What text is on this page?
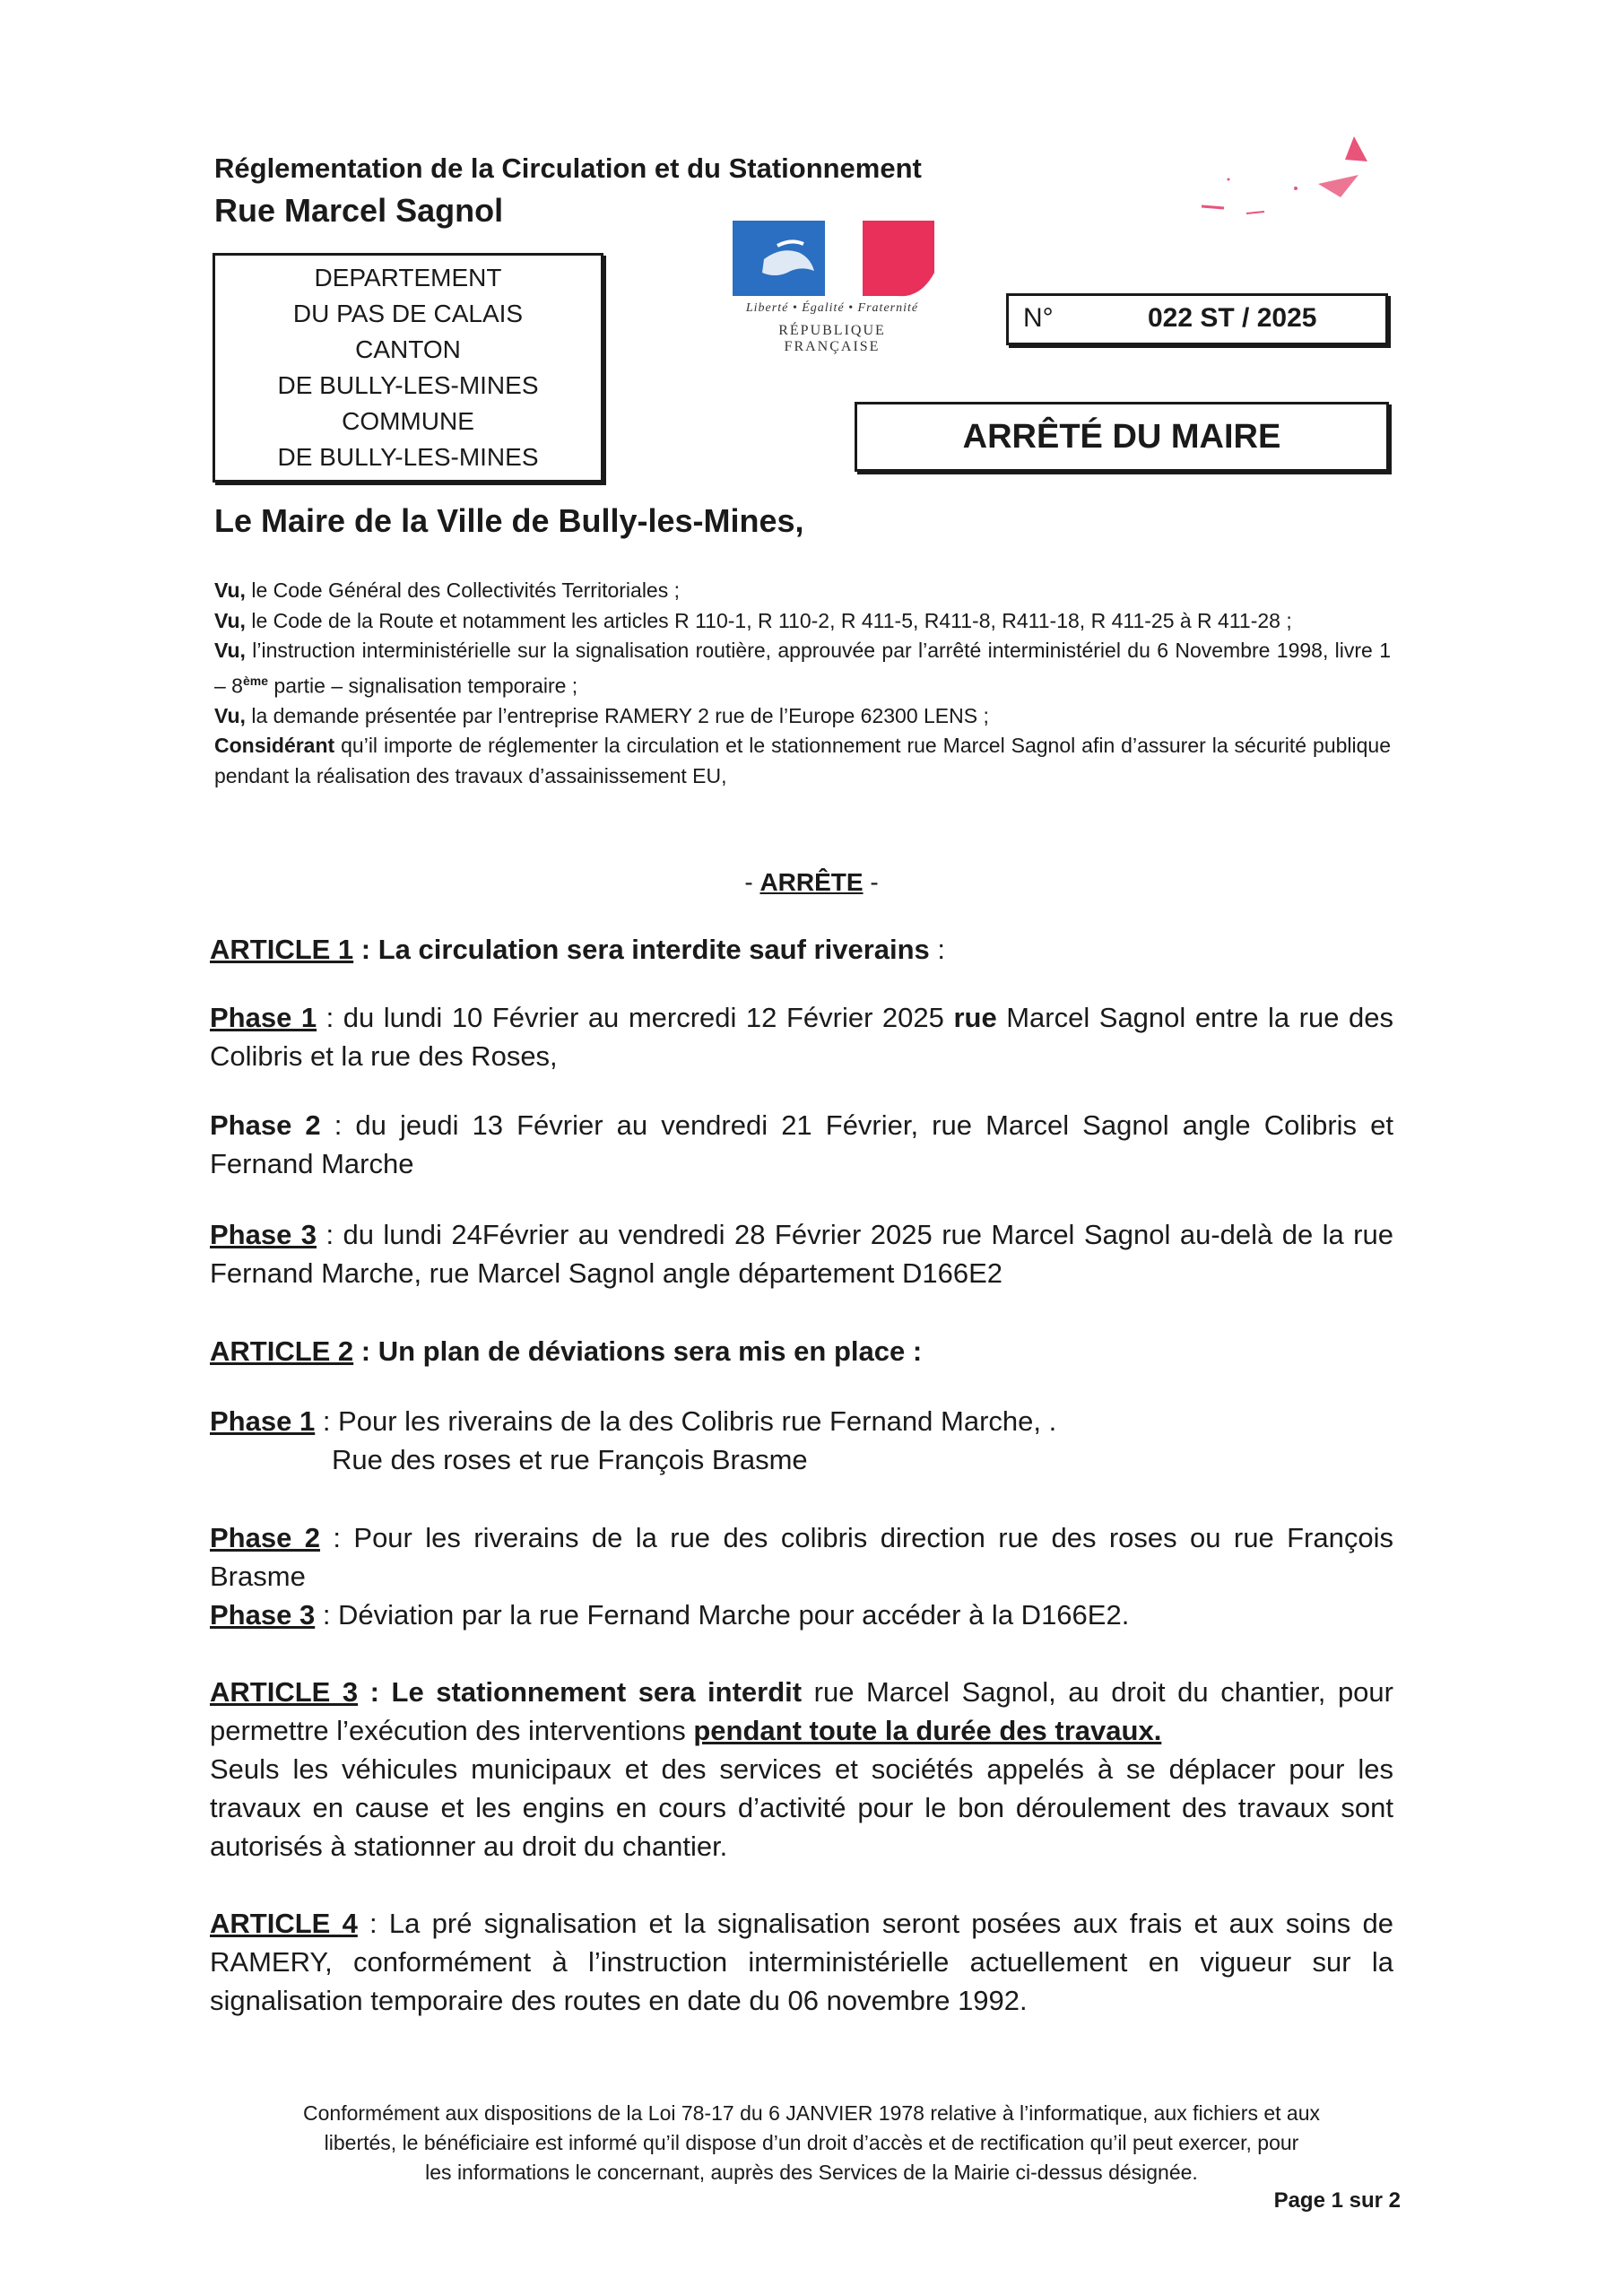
Réglementation de la Circulation et du Stationnement
Rue Marcel Sagnol
DEPARTEMENT
DU PAS DE CALAIS
CANTON
DE BULLY-LES-MINES
COMMUNE
DE BULLY-LES-MINES
Liberté • Égalité • Fraternité
RÉPUBLIQUE FRANÇAISE
N°	022 ST / 2025
ARRÊTÉ DU MAIRE
Le Maire de la Ville de Bully-les-Mines,

Vu, le Code Général des Collectivités Territoriales ;

Vu, le Code de la Route et notamment les articles R 110-1, R 110-2, R 411-5, R411-8, R411-18, R 411-25 à R 411-28 ;

Vu, l’instruction interministérielle sur la signalisation routière, approuvée par l’arrêté interministériel du 6 Novembre 1998, livre 1 – 8ème partie – signalisation temporaire ;

Vu, la demande présentée par l’entreprise RAMERY 2 rue de l’Europe 62300 LENS ;

Considérant qu’il importe de réglementer la circulation et le stationnement rue Marcel Sagnol afin d’assurer la sécurité publique pendant la réalisation des travaux d’assainissement EU,

- ARRÊTE -

ARTICLE 1 : La circulation sera interdite sauf riverains :

Phase 1 : du lundi 10 Février au mercredi 12 Février 2025 rue Marcel Sagnol entre la rue des Colibris et la rue des Roses,

Phase 2 : du jeudi 13 Février au vendredi 21 Février, rue Marcel Sagnol angle Colibris et Fernand Marche

Phase 3 : du lundi 24Février au vendredi 28 Février 2025 rue Marcel Sagnol au-delà de la rue Fernand Marche, rue Marcel Sagnol angle département D166E2

ARTICLE 2 : Un plan de déviations sera mis en place :

Phase 1 : Pour les riverains de la des Colibris rue Fernand Marche, .

Rue des roses et rue François Brasme

Phase 2 : Pour les riverains de la rue des colibris direction rue des roses ou rue François Brasme

Phase 3 : Déviation par la rue Fernand Marche pour accéder à la D166E2.

ARTICLE 3 : Le stationnement sera interdit rue Marcel Sagnol, au droit du chantier, pour permettre l’exécution des interventions pendant toute la durée des travaux.

Seuls les véhicules municipaux et des services et sociétés appelés à se déplacer pour les travaux en cause et les engins en cours d’activité pour le bon déroulement des travaux sont autorisés à stationner au droit du chantier.

ARTICLE 4 : La pré signalisation et la signalisation seront posées aux frais et aux soins de RAMERY, conformément à l’instruction interministérielle actuellement en vigueur sur la signalisation temporaire des routes en date du 06 novembre 1992.

Conformément aux dispositions de la Loi 78-17 du 6 JANVIER 1978 relative à l’informatique, aux fichiers et aux

libertés, le bénéficiaire est informé qu’il dispose d’un droit d’accès et de rectification qu’il peut exercer, pour

les informations le concernant, auprès des Services de la Mairie ci-dessus désignée.

Page 1 sur 2
